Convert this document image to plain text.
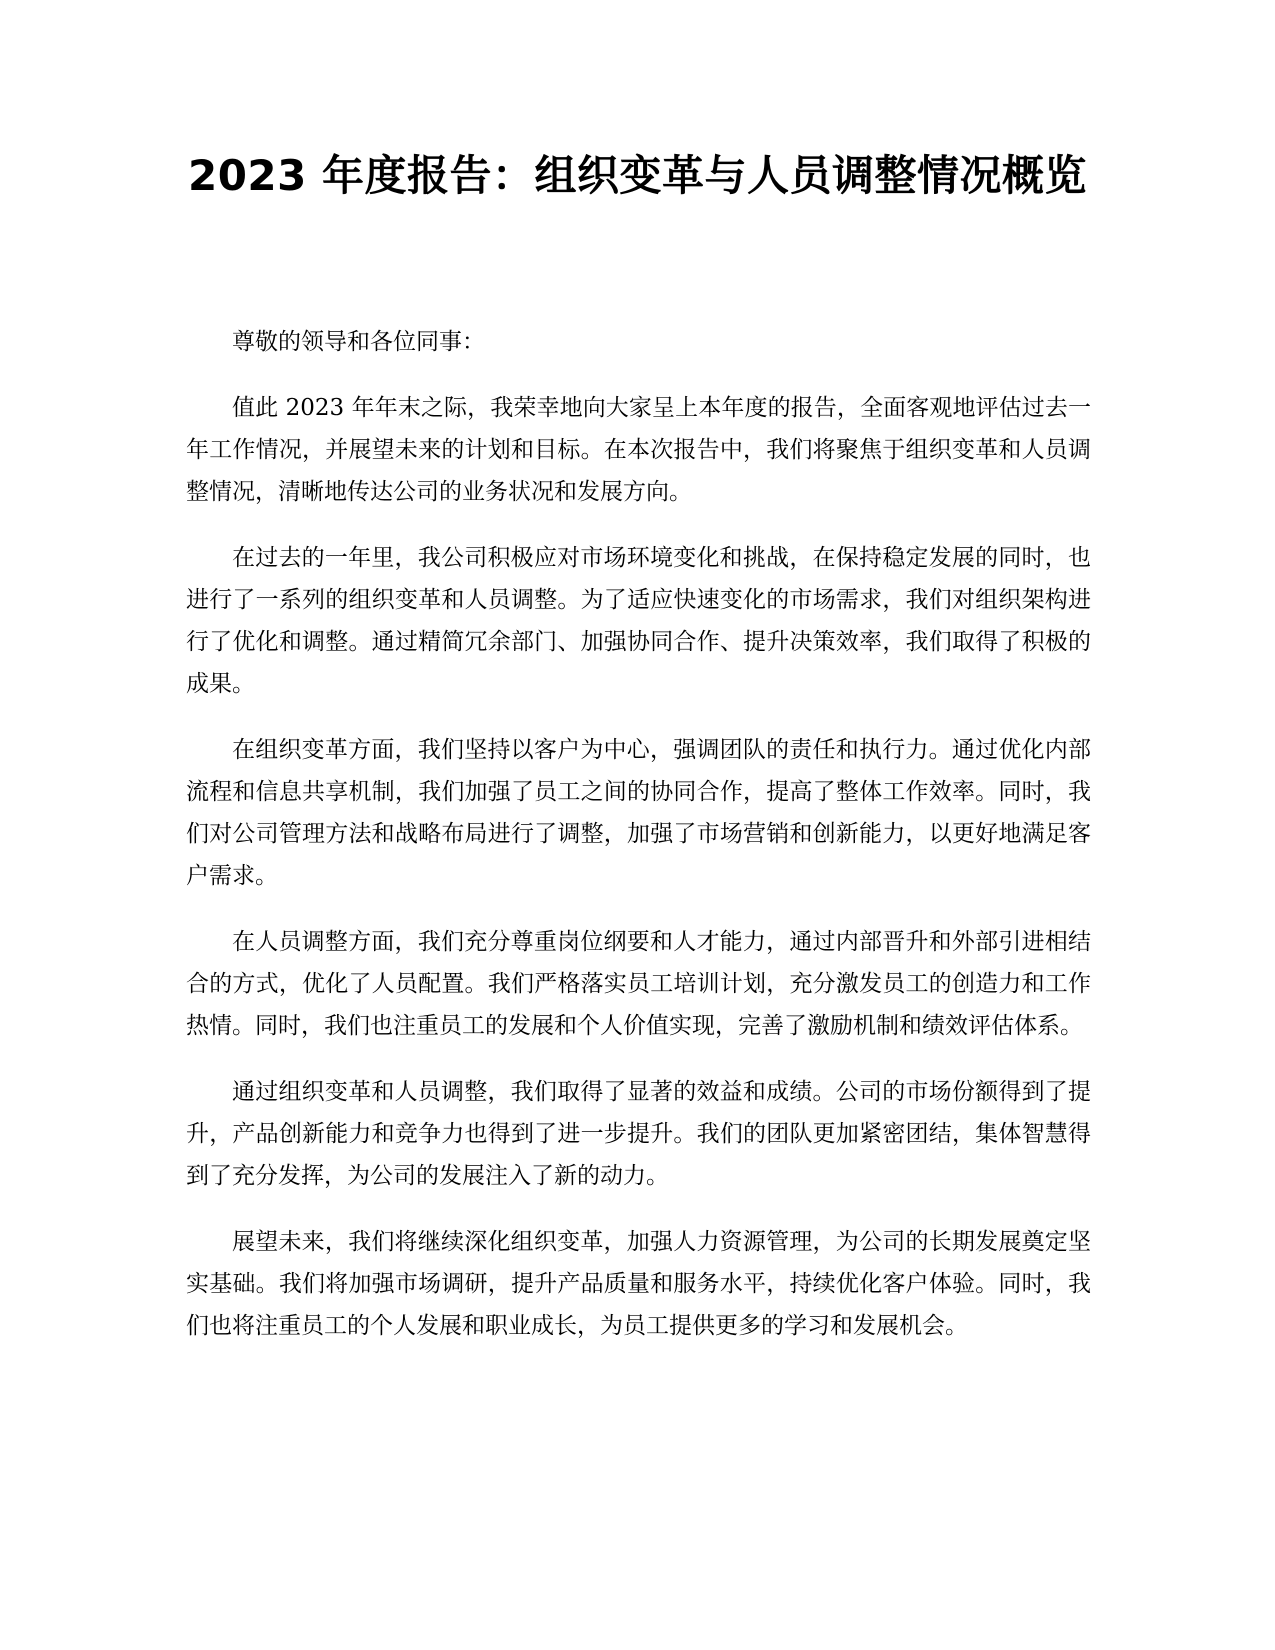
2023 年度报告：组织变革与人员调整情况概览

尊敬的领导和各位同事：

值此 2023 年年末之际，我荣幸地向大家呈上本年度的报告，全面客观地评估过去一年工作情况，并展望未来的计划和目标。在本次报告中，我们将聚焦于组织变革和人员调整情况，清晰地传达公司的业务状况和发展方向。

在过去的一年里，我公司积极应对市场环境变化和挑战，在保持稳定发展的同时，也进行了一系列的组织变革和人员调整。为了适应快速变化的市场需求，我们对组织架构进行了优化和调整。通过精简冗余部门、加强协同合作、提升决策效率，我们取得了积极的成果。

在组织变革方面，我们坚持以客户为中心，强调团队的责任和执行力。通过优化内部流程和信息共享机制，我们加强了员工之间的协同合作，提高了整体工作效率。同时，我们对公司管理方法和战略布局进行了调整，加强了市场营销和创新能力，以更好地满足客户需求。

在人员调整方面，我们充分尊重岗位纲要和人才能力，通过内部晋升和外部引进相结合的方式，优化了人员配置。我们严格落实员工培训计划，充分激发员工的创造力和工作热情。同时，我们也注重员工的发展和个人价值实现，完善了激励机制和绩效评估体系。

通过组织变革和人员调整，我们取得了显著的效益和成绩。公司的市场份额得到了提升，产品创新能力和竞争力也得到了进一步提升。我们的团队更加紧密团结，集体智慧得到了充分发挥，为公司的发展注入了新的动力。

展望未来，我们将继续深化组织变革，加强人力资源管理，为公司的长期发展奠定坚实基础。我们将加强市场调研，提升产品质量和服务水平，持续优化客户体验。同时，我们也将注重员工的个人发展和职业成长，为员工提供更多的学习和发展机会。
